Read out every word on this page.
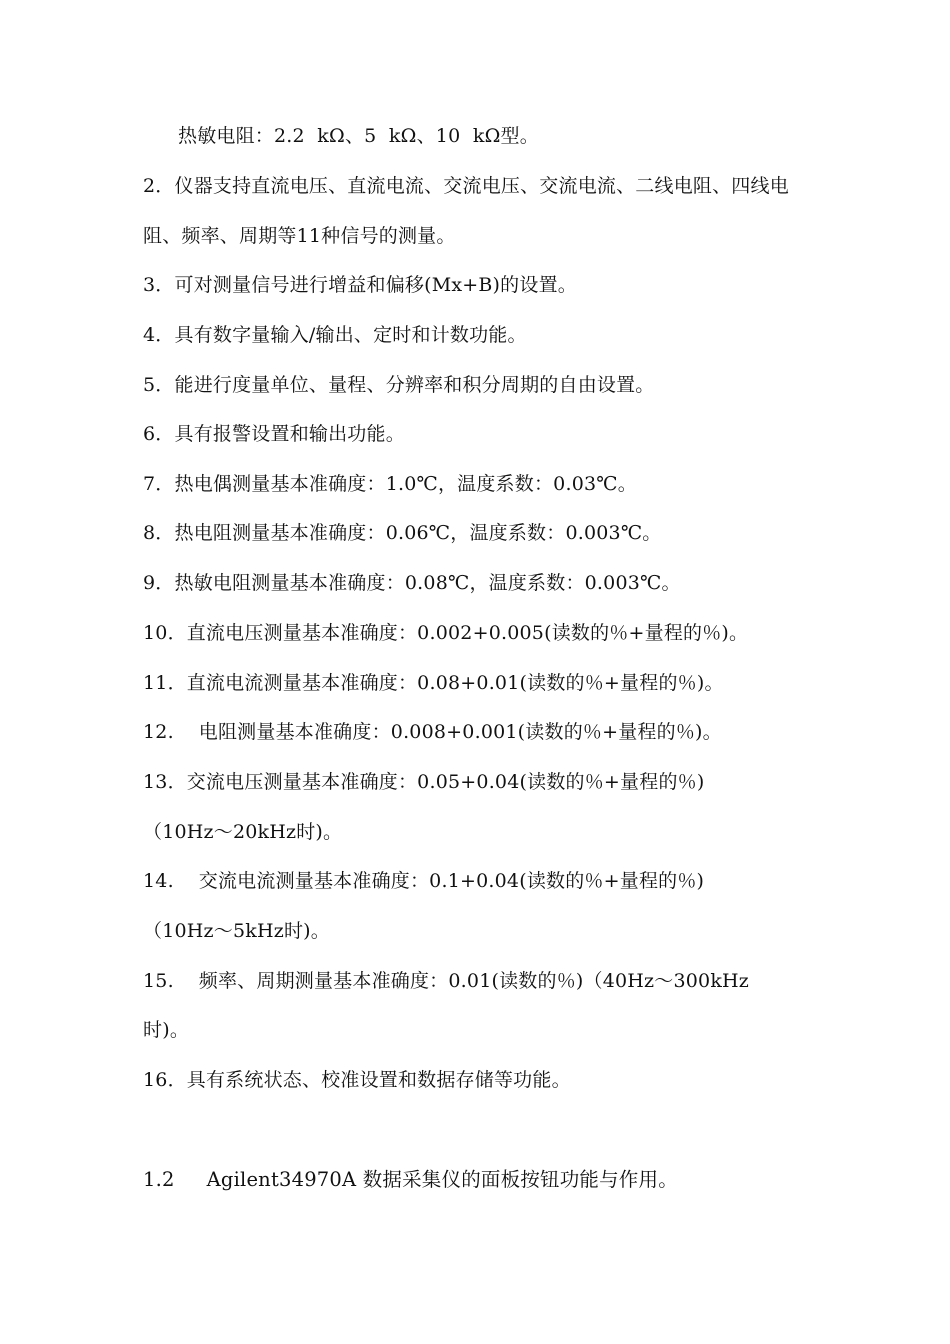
热敏电阻：2.2  kΩ、5  kΩ、10  kΩ型。
2．仪器支持直流电压、直流电流、交流电压、交流电流、二线电阻、四线电
阻、频率、周期等11种信号的测量。
3．可对测量信号进行增益和偏移(Mx+B)的设置。
4．具有数字量输入/输出、定时和计数功能。
5．能进行度量单位、量程、分辨率和积分周期的自由设置。
6．具有报警设置和输出功能。
7．热电偶测量基本准确度：1.0℃，温度系数：0.03℃。
8．热电阻测量基本准确度：0.06℃，温度系数：0.003℃。
9．热敏电阻测量基本准确度：0.08℃，温度系数：0.003℃。
10．直流电压测量基本准确度：0.002+0.005(读数的％+量程的％)。
11．直流电流测量基本准确度：0.08+0.01(读数的％+量程的％)。
12.    电阻测量基本准确度：0.008+0.001(读数的％+量程的％)。
13．交流电压测量基本准确度：0.05+0.04(读数的％+量程的％)
（10Hz～20kHz时)。
14.    交流电流测量基本准确度：0.1+0.04(读数的％+量程的％)
（10Hz～5kHz时)。
15.    频率、周期测量基本准确度：0.01(读数的％)（40Hz～300kHz
时)。
16．具有系统状态、校准设置和数据存储等功能。
1.2     Agilent34970A 数据采集仪的面板按钮功能与作用。
